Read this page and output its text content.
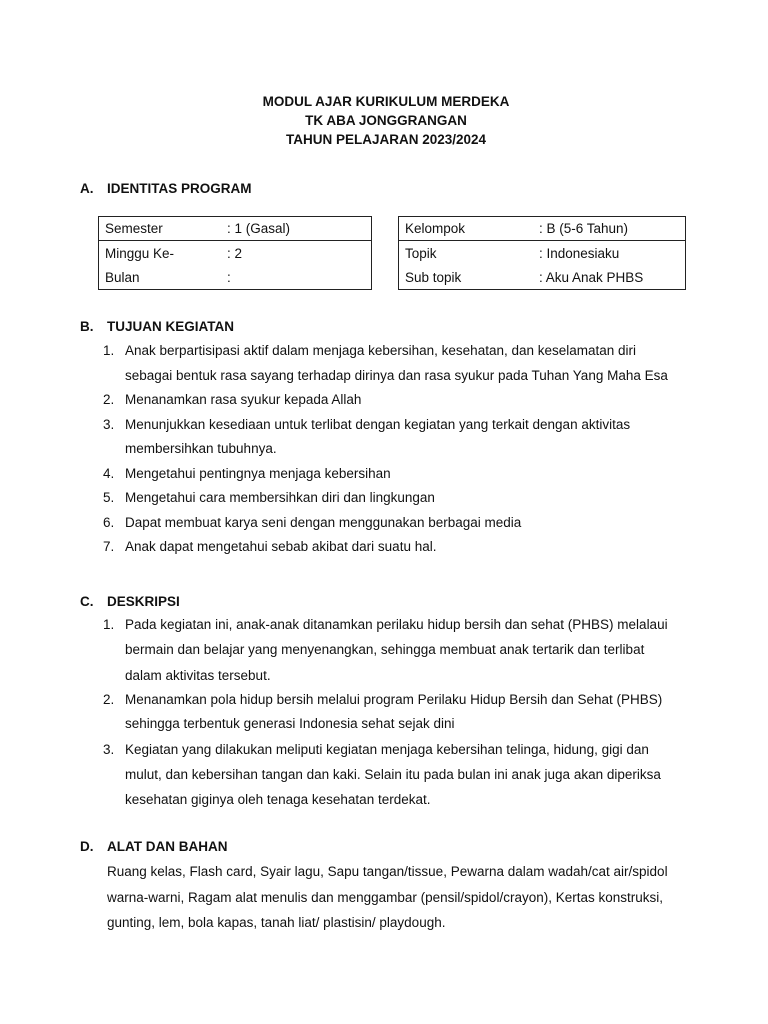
MODUL AJAR KURIKULUM MERDEKA
TK ABA JONGGRANGAN
TAHUN PELAJARAN 2023/2024
A. IDENTITAS PROGRAM
Semester	: 1 (Gasal)
Minggu Ke-	: 2
Bulan	:
Kelompok	: B (5-6 Tahun)
Topik	: Indonesiaku
Sub topik	: Aku Anak PHBS
B. TUJUAN KEGIATAN
1. Anak berpartisipasi aktif dalam menjaga kebersihan, kesehatan, dan keselamatan diri
sebagai bentuk rasa sayang terhadap dirinya dan rasa syukur pada Tuhan Yang Maha Esa
2. Menanamkan rasa syukur kepada Allah
3. Menunjukkan kesediaan untuk terlibat dengan kegiatan yang terkait dengan aktivitas
membersihkan tubuhnya.
4. Mengetahui pentingnya menjaga kebersihan
5. Mengetahui cara membersihkan diri dan lingkungan
6. Dapat membuat karya seni dengan menggunakan berbagai media
7. Anak dapat mengetahui sebab akibat dari suatu hal.
C. DESKRIPSI
1. Pada kegiatan ini, anak-anak ditanamkan perilaku hidup bersih dan sehat (PHBS) melalaui
bermain dan belajar yang menyenangkan, sehingga membuat anak tertarik dan terlibat
dalam aktivitas tersebut.
2. Menanamkan pola hidup bersih melalui program Perilaku Hidup Bersih dan Sehat (PHBS)
sehingga terbentuk generasi Indonesia sehat sejak dini
3. Kegiatan yang dilakukan meliputi kegiatan menjaga kebersihan telinga, hidung, gigi dan
mulut, dan kebersihan tangan dan kaki. Selain itu pada bulan ini anak juga akan diperiksa
kesehatan giginya oleh tenaga kesehatan terdekat.
D. ALAT DAN BAHAN
Ruang kelas, Flash card, Syair lagu, Sapu tangan/tissue, Pewarna dalam wadah/cat air/spidol
warna-warni, Ragam alat menulis dan menggambar (pensil/spidol/crayon), Kertas konstruksi,
gunting, lem, bola kapas, tanah liat/ plastisin/ playdough.
